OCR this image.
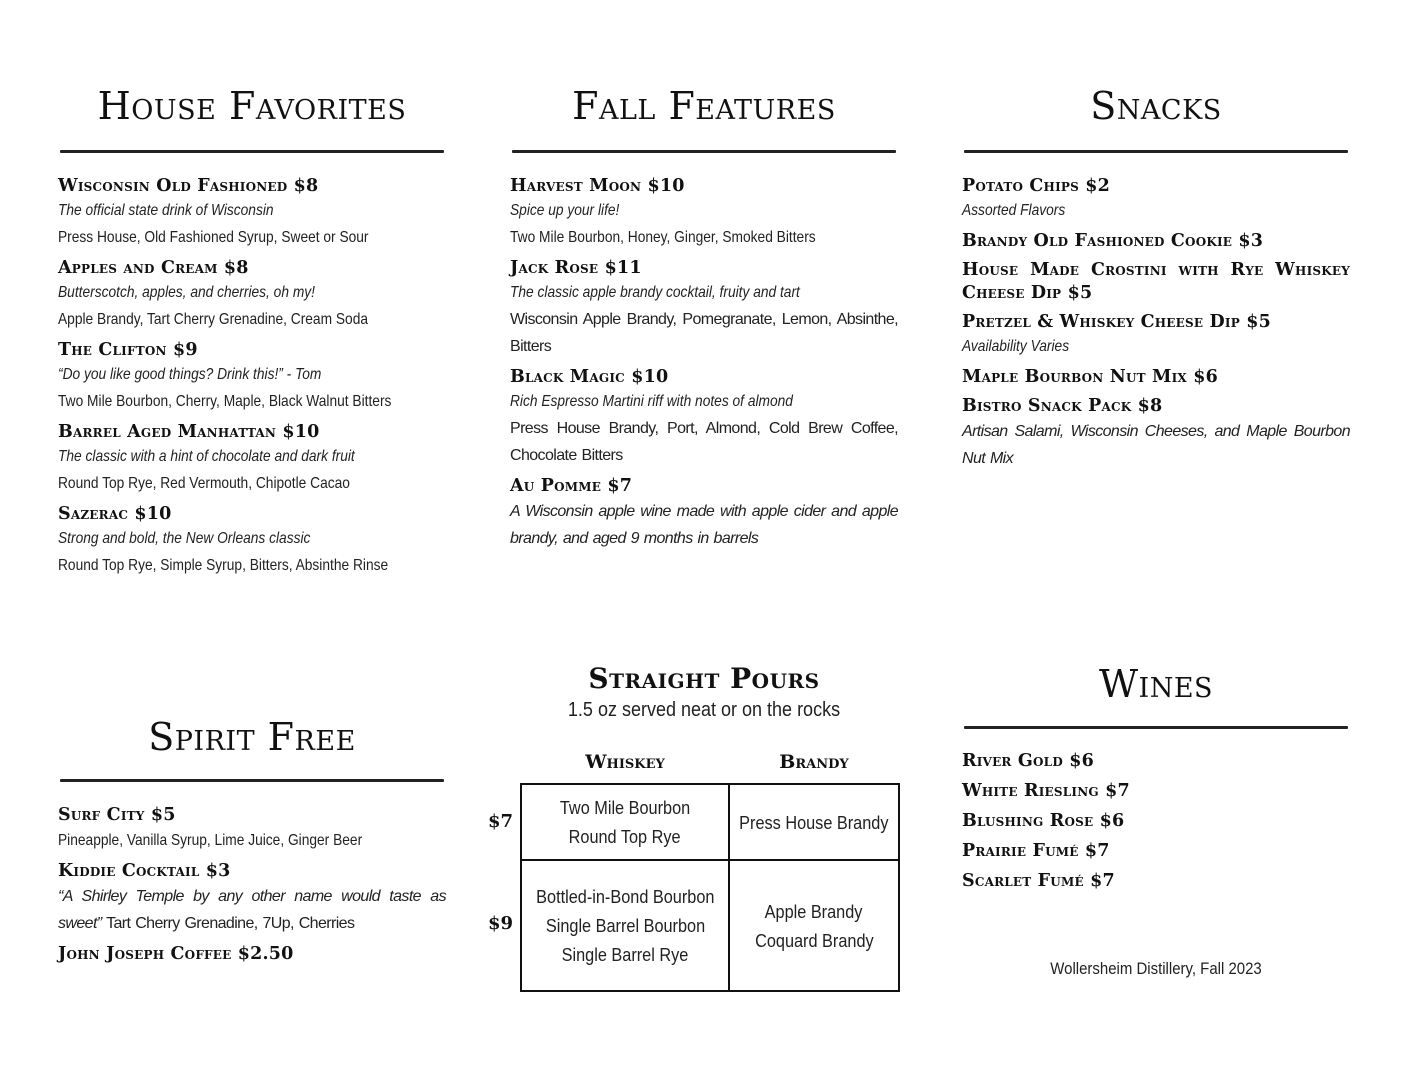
House Favorites
Wisconsin Old Fashioned $8
The official state drink of Wisconsin
Press House, Old Fashioned Syrup, Sweet or Sour
Apples and Cream $8
Butterscotch, apples, and cherries, oh my!
Apple Brandy, Tart Cherry Grenadine, Cream Soda
The Clifton $9
“Do you like good things? Drink this!” - Tom
Two Mile Bourbon, Cherry, Maple, Black Walnut Bitters
Barrel Aged Manhattan $10
The classic with a hint of chocolate and dark fruit
Round Top Rye, Red Vermouth, Chipotle Cacao
Sazerac $10
Strong and bold, the New Orleans classic
Round Top Rye, Simple Syrup, Bitters, Absinthe Rinse
Fall Features
Harvest Moon $10
Spice up your life!
Two Mile Bourbon, Honey, Ginger, Smoked Bitters
Jack Rose $11
The classic apple brandy cocktail, fruity and tart
Wisconsin Apple Brandy, Pomegranate, Lemon, Absinthe, Bitters
Black Magic $10
Rich Espresso Martini riff with notes of almond
Press House Brandy, Port, Almond, Cold Brew Coffee, Chocolate Bitters
Au Pomme $7
A Wisconsin apple wine made with apple cider and apple brandy, and aged 9 months in barrels
Snacks
Potato Chips $2
Assorted Flavors
Brandy Old Fashioned Cookie $3
House Made Crostini with Rye Whiskey Cheese Dip $5
Pretzel & Whiskey Cheese Dip $5
Availability Varies
Maple Bourbon Nut Mix $6
Bistro Snack Pack $8
Artisan Salami, Wisconsin Cheeses, and Maple Bourbon Nut Mix
Spirit Free
Surf City $5
Pineapple, Vanilla Syrup, Lime Juice, Ginger Beer
Kiddie Cocktail $3
“A Shirley Temple by any other name would taste as sweet” Tart Cherry Grenadine, 7Up, Cherries
John Joseph Coffee $2.50
Straight Pours
1.5 oz served neat or on the rocks
Whiskey	Brandy
$7
$9
Two Mile Bourbon
Round Top Rye
Press House Brandy
Bottled-in-Bond Bourbon
Single Barrel Bourbon
Single Barrel Rye
Apple Brandy
Coquard Brandy
Wines
River Gold $6
White Riesling $7
Blushing Rose $6
Prairie Fumé $7
Scarlet Fumé $7
Wollersheim Distillery, Fall 2023
